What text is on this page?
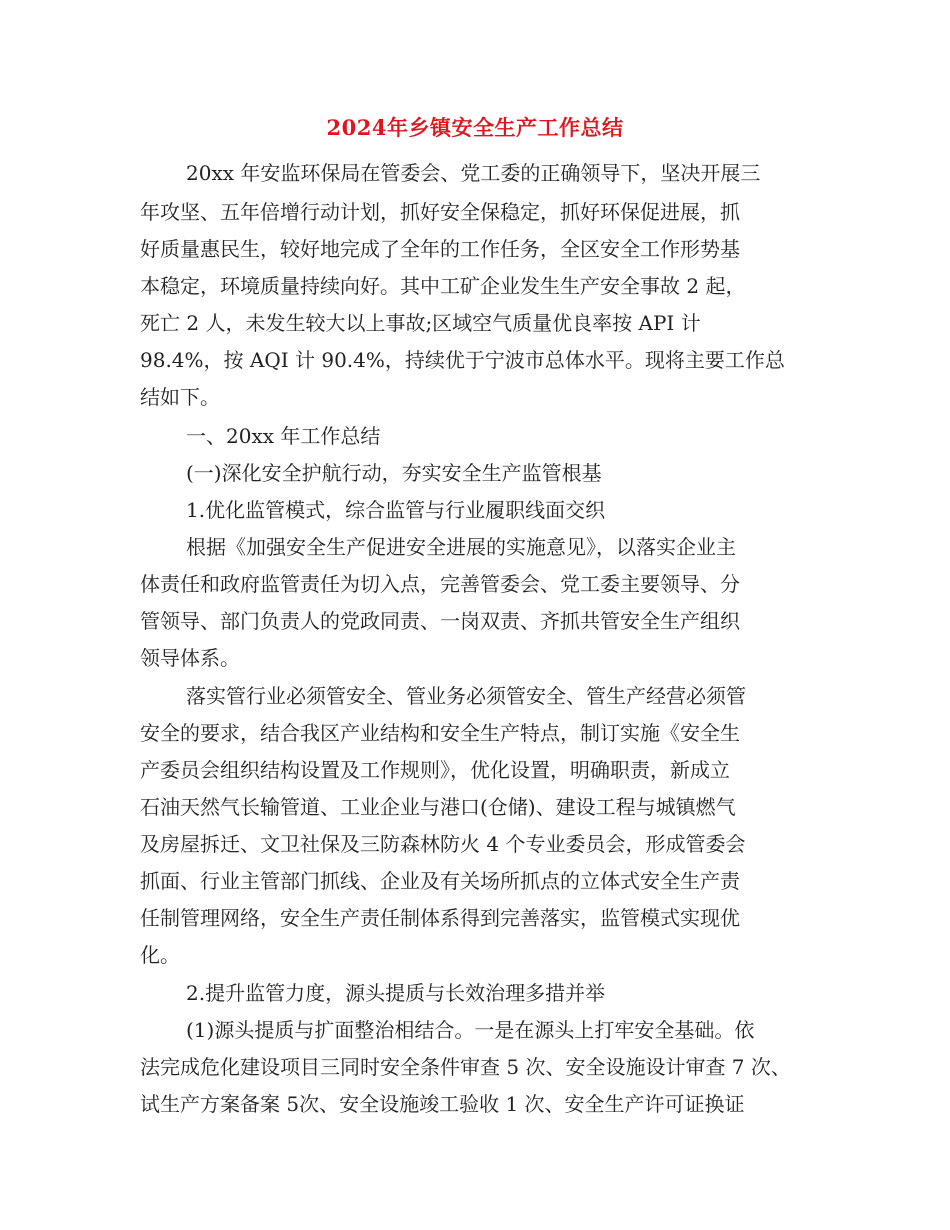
2024年乡镇安全生产工作总结
20xx 年安监环保局在管委会、党工委的正确领导下，坚决开展三
年攻坚、五年倍增行动计划，抓好安全保稳定，抓好环保促进展，抓
好质量惠民生，较好地完成了全年的工作任务，全区安全工作形势基
本稳定，环境质量持续向好。其中工矿企业发生生产安全事故 2 起，
死亡 2 人，未发生较大以上事故;区域空气质量优良率按 API 计
98.4%，按 AQI 计 90.4%，持续优于宁波市总体水平。现将主要工作总
结如下。
一、20xx 年工作总结
(一)深化安全护航行动，夯实安全生产监管根基
1.优化监管模式，综合监管与行业履职线面交织
根据《加强安全生产促进安全进展的实施意见》，以落实企业主
体责任和政府监管责任为切入点，完善管委会、党工委主要领导、分
管领导、部门负责人的党政同责、一岗双责、齐抓共管安全生产组织
领导体系。
落实管行业必须管安全、管业务必须管安全、管生产经营必须管
安全的要求，结合我区产业结构和安全生产特点，制订实施《安全生
产委员会组织结构设置及工作规则》，优化设置，明确职责，新成立
石油天然气长输管道、工业企业与港口(仓储)、建设工程与城镇燃气
及房屋拆迁、文卫社保及三防森林防火 4 个专业委员会，形成管委会
抓面、行业主管部门抓线、企业及有关场所抓点的立体式安全生产责
任制管理网络，安全生产责任制体系得到完善落实，监管模式实现优
化。
2.提升监管力度，源头提质与长效治理多措并举
(1)源头提质与扩面整治相结合。一是在源头上打牢安全基础。依
法完成危化建设项目三同时安全条件审查 5 次、安全设施设计审查 7 次、
试生产方案备案 5次、安全设施竣工验收 1 次、安全生产许可证换证
